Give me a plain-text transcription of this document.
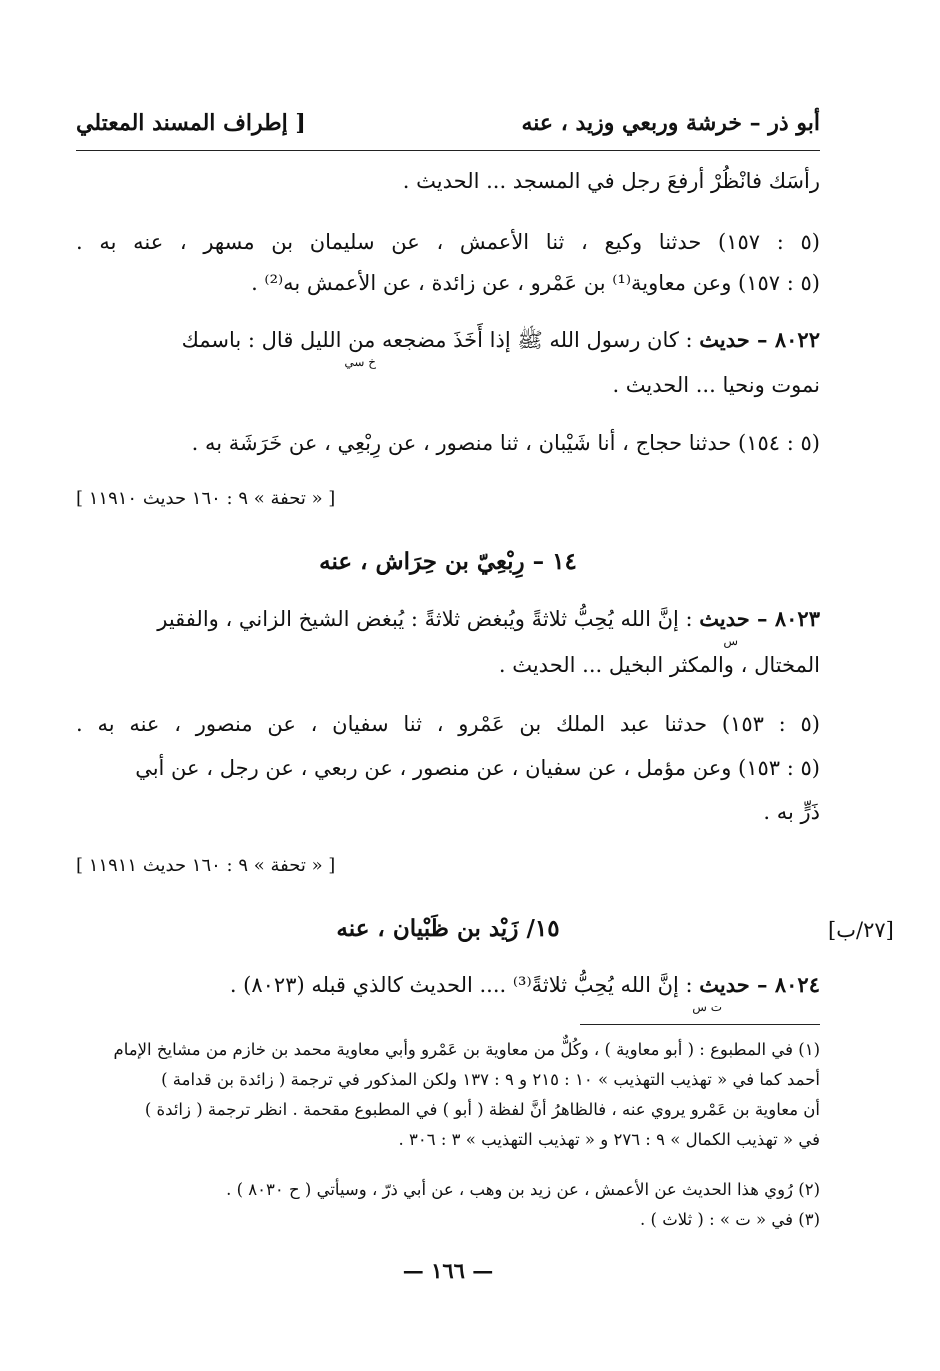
أبو ذر – خرشة وربعي وزيد ، عنه
[ إطراف المسند المعتلي
رأسَك فانْظُرْ أرفعَ رجل في المسجد ... الحديث .
(٥ : ١٥٧) حدثنا وكيع ، ثنا الأعمش ، عن سليمان بن مسهر ، عنه به .
(٥ : ١٥٧) وعن معاوية⁽¹⁾ بن عَمْرو ، عن زائدة ، عن الأعمش به⁽²⁾ .
٨٠٢٢ – حديث : كان رسول الله ﷺ إذا أَخَذَ مضجعه من الليل قال : باسمك
خ سي
نموت ونحيا ... الحديث .
(٥ : ١٥٤) حدثنا حجاج ، أنا شَيْبان ، ثنا منصور ، عن رِبْعِي ، عن خَرَشَة به .
[ « تحفة » ٩ : ١٦٠ حديث ١١٩١٠ ]
١٤ – رِبْعِيّ بن حِرَاش ، عنه
٨٠٢٣ – حديث : إنَّ الله يُحِبُّ ثلاثةً ويُبغض ثلاثةً : يُبغض الشيخ الزاني ، والفقير
س
المختال ، والمكثر البخيل ... الحديث .
(٥ : ١٥٣) حدثنا عبد الملك بن عَمْرو ، ثنا سفيان ، عن منصور ، عنه به .
(٥ : ١٥٣) وعن مؤمل ، عن سفيان ، عن منصور ، عن ربعي ، عن رجل ، عن أبي
ذَرٍّ به .
[ « تحفة » ٩ : ١٦٠ حديث ١١٩١١ ]
١٥/ زَيْد بن ظَبْيان ، عنه
٨٠٢٤ – حديث : إنَّ الله يُحِبُّ ثلاثةً⁽³⁾ .... الحديث كالذي قبله (٨٠٢٣) .
ت س
(١) في المطبوع : ( أبو معاوية ) ، وكُلٌّ من معاوية بن عَمْرو وأبي معاوية محمد بن خازم من مشايخ الإمام
أحمد كما في « تهذيب التهذيب » ١٠ : ٢١٥ و ٩ : ١٣٧ ولكن المذكور في ترجمة ( زائدة بن قدامة )
أن معاوية بن عَمْرو يروي عنه ، فالظاهرُ أنَّ لفظة ( أبو ) في المطبوع مقحمة . انظر ترجمة ( زائدة )
في « تهذيب الكمال » ٩ : ٢٧٦ و « تهذيب التهذيب » ٣ : ٣٠٦ .
(٢) رُوي هذا الحديث عن الأعمش ، عن زيد بن وهب ، عن أبي ذرّ ، وسيأتي ( ح ٨٠٣٠ ) .
(٣) في « ت » : ( ثلاث ) .
— ١٦٦ —
[٢٧/ب]
